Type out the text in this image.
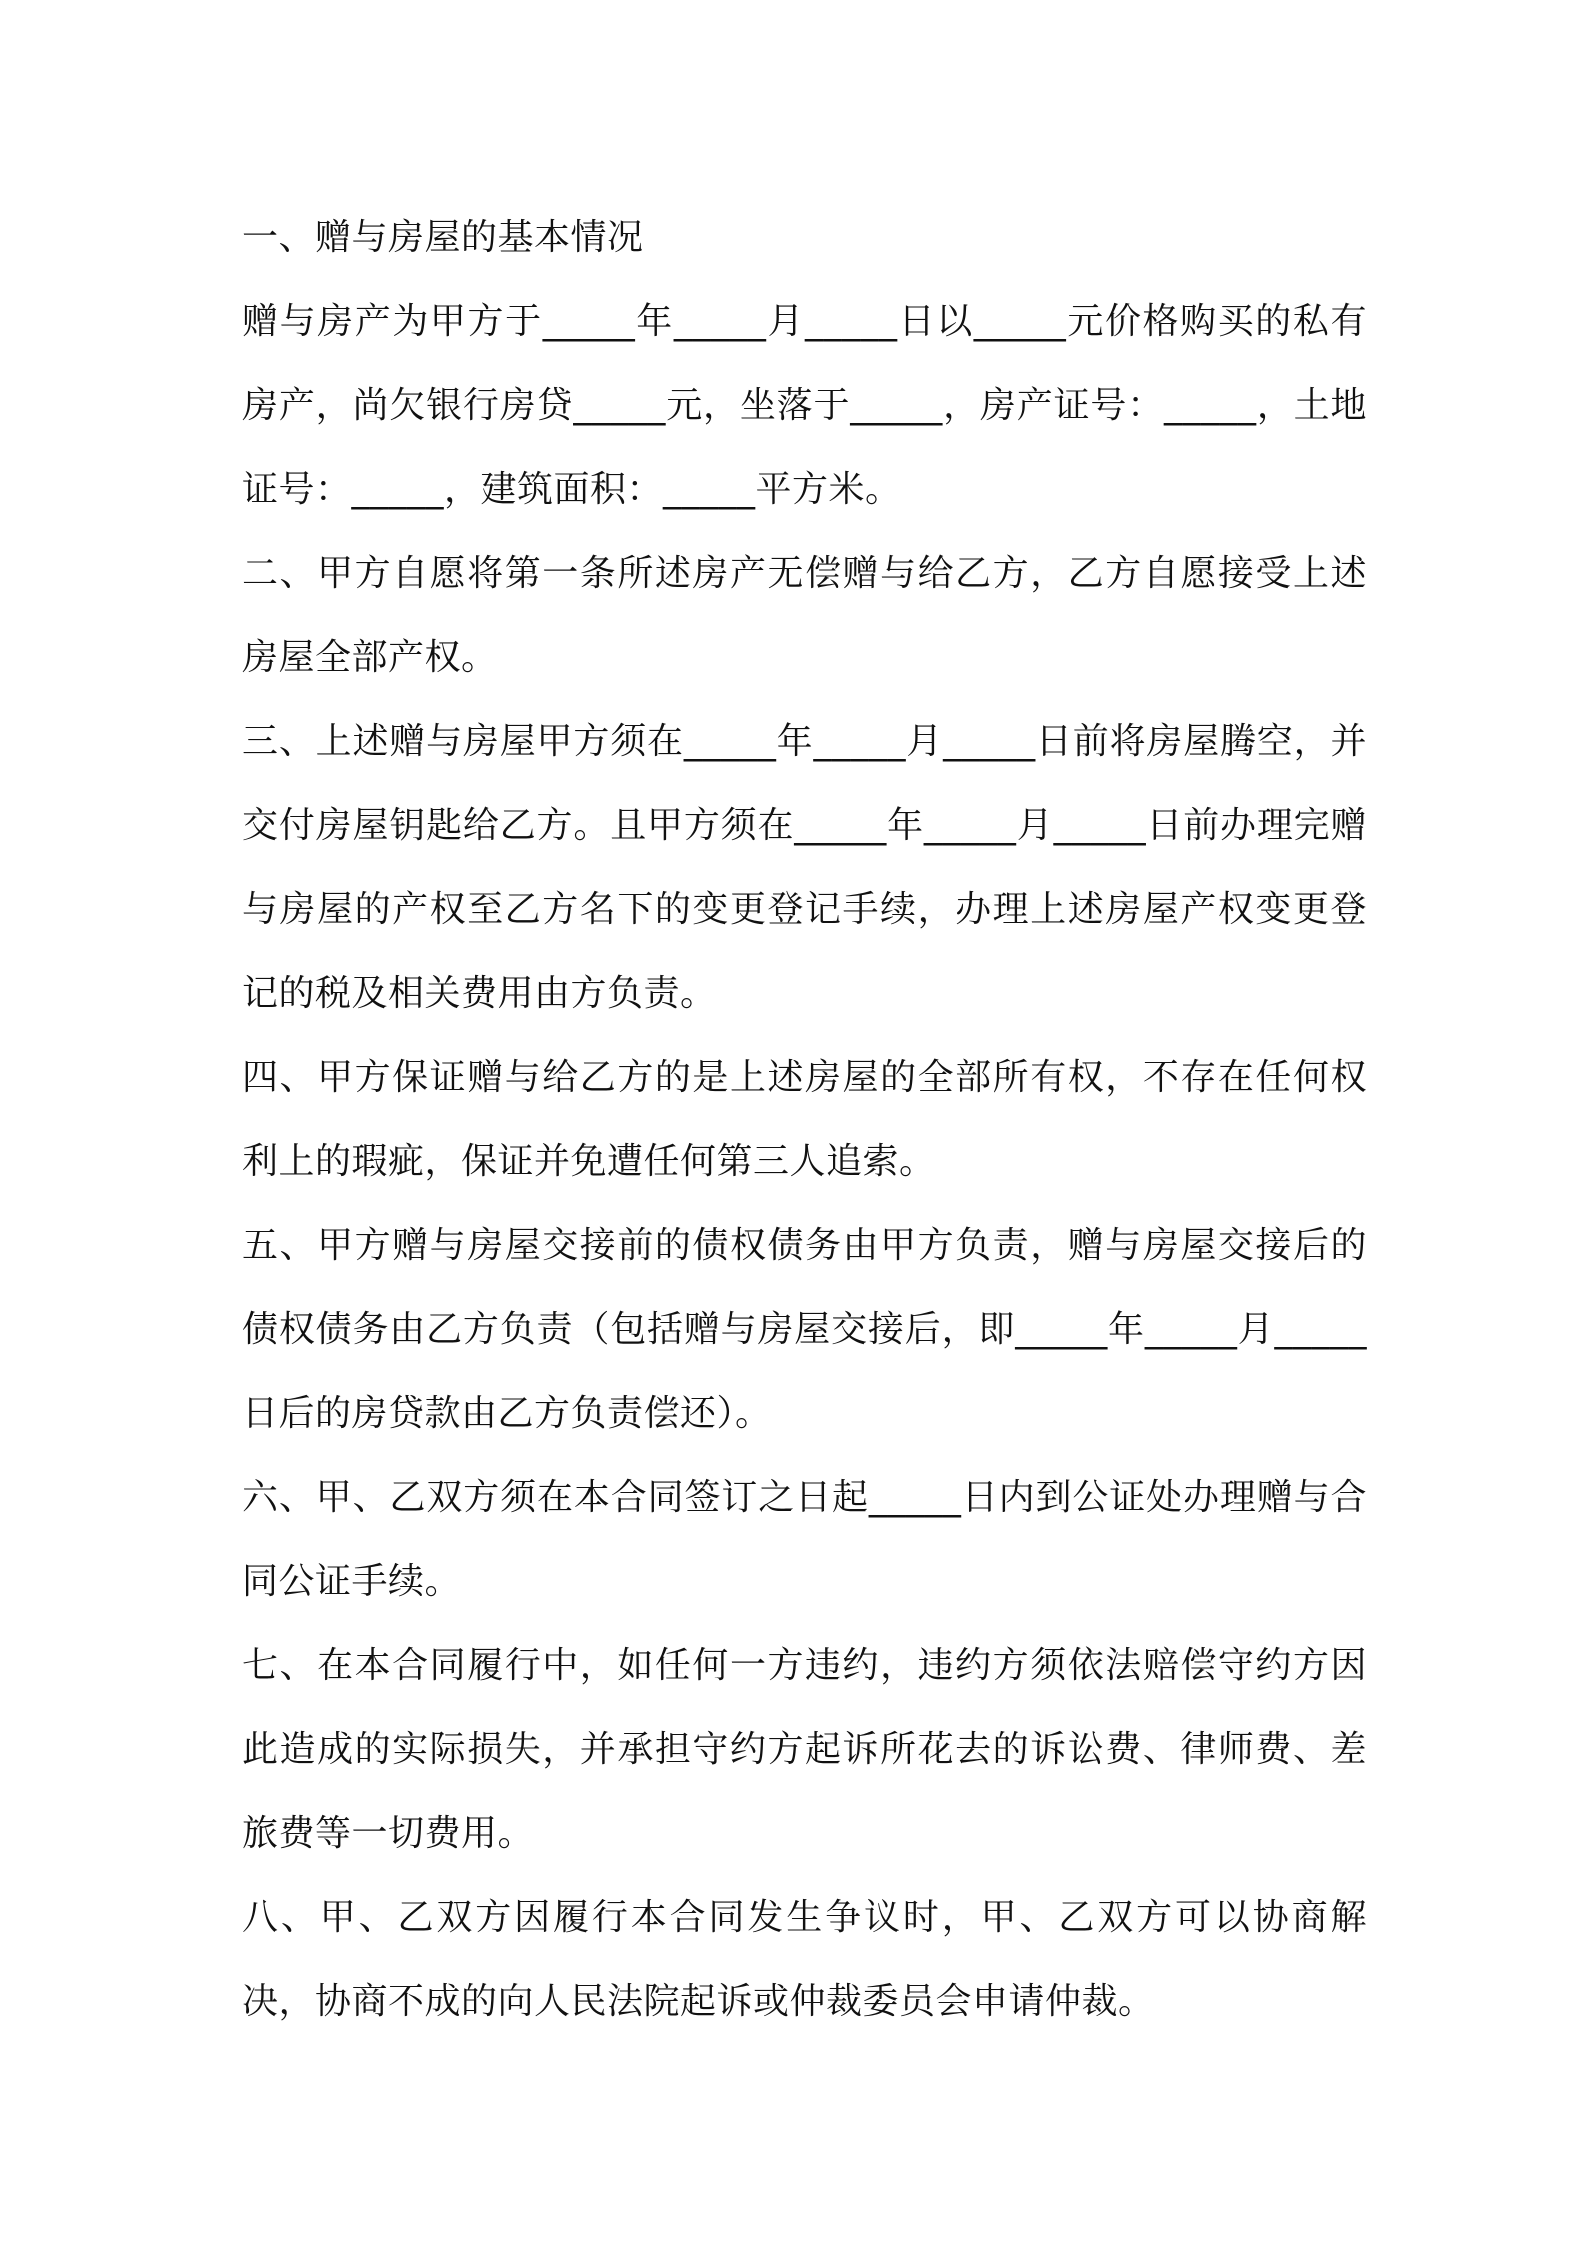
一、赠与房屋的基本情况

赠与房产为甲方于_____年_____月_____日以_____元价格购买的私有房产，尚欠银行房贷_____元，坐落于_____，房产证号：_____，土地证号：_____，建筑面积：_____平方米。

二、甲方自愿将第一条所述房产无偿赠与给乙方，乙方自愿接受上述房屋全部产权。

三、上述赠与房屋甲方须在_____年_____月_____日前将房屋腾空，并交付房屋钥匙给乙方。且甲方须在_____年_____月_____日前办理完赠与房屋的产权至乙方名下的变更登记手续，办理上述房屋产权变更登记的税及相关费用由方负责。

四、甲方保证赠与给乙方的是上述房屋的全部所有权，不存在任何权利上的瑕疵，保证并免遭任何第三人追索。

五、甲方赠与房屋交接前的债权债务由甲方负责，赠与房屋交接后的债权债务由乙方负责（包括赠与房屋交接后，即_____年_____月_____日后的房贷款由乙方负责偿还）。

六、甲、乙双方须在本合同签订之日起_____日内到公证处办理赠与合同公证手续。

七、在本合同履行中，如任何一方违约，违约方须依法赔偿守约方因此造成的实际损失，并承担守约方起诉所花去的诉讼费、律师费、差旅费等一切费用。

八、甲、乙双方因履行本合同发生争议时，甲、乙双方可以协商解决，协商不成的向人民法院起诉或仲裁委员会申请仲裁。
